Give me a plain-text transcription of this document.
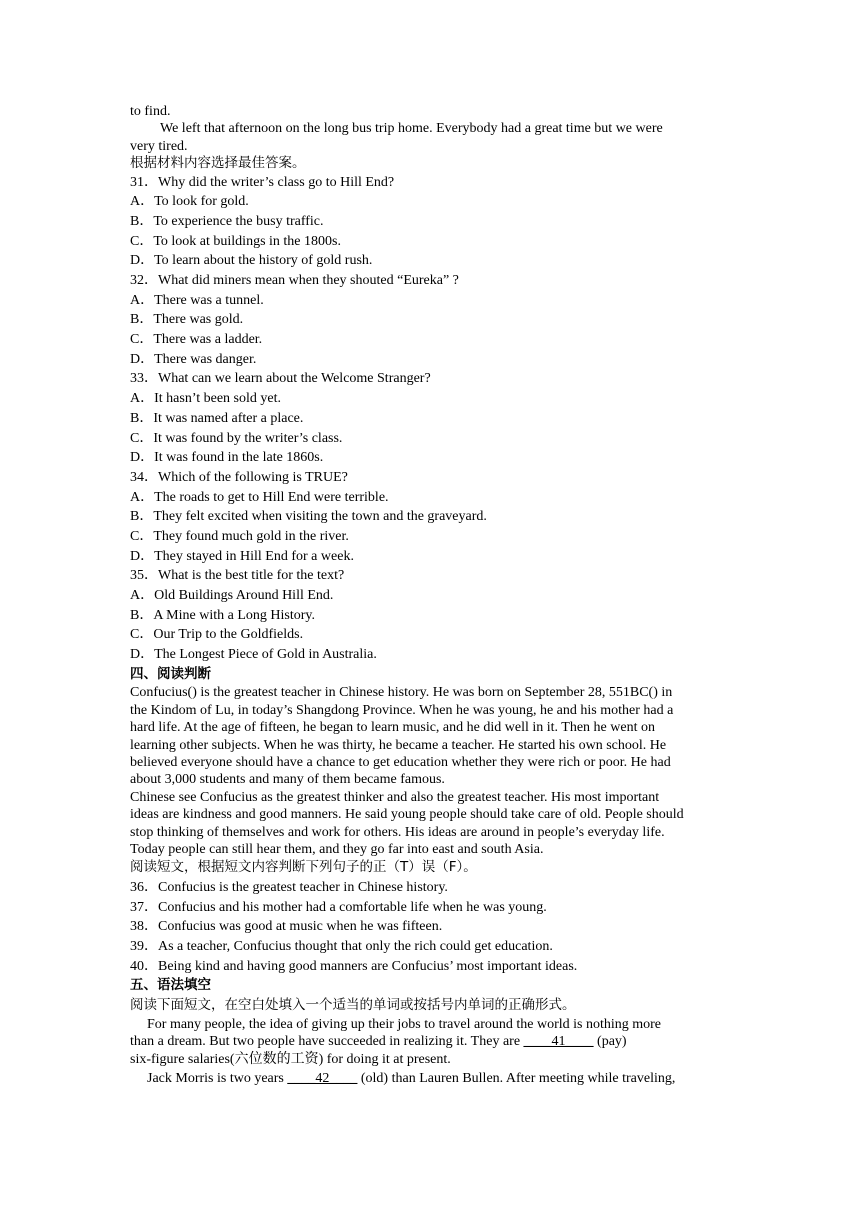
to find.
We left that afternoon on the long bus trip home. Everybody had a great time but we were
very tired.
根据材料内容选择最佳答案。
31．Why did the writer’s class go to Hill End?
A．To look for gold.
B．To experience the busy traffic.
C．To look at buildings in the 1800s.
D．To learn about the history of gold rush.
32．What did miners mean when they shouted “Eureka” ?
A．There was a tunnel.
B．There was gold.
C．There was a ladder.
D．There was danger.
33．What can we learn about the Welcome Stranger?
A．It hasn’t been sold yet.
B．It was named after a place.
C．It was found by the writer’s class.
D．It was found in the late 1860s.
34．Which of the following is TRUE?
A．The roads to get to Hill End were terrible.
B．They felt excited when visiting the town and the graveyard.
C．They found much gold in the river.
D．They stayed in Hill End for a week.
35．What is the best title for the text?
A．Old Buildings Around Hill End.
B．A Mine with a Long History.
C．Our Trip to the Goldfields.
D．The Longest Piece of Gold in Australia.
四、阅读判断
Confucius() is the greatest teacher in Chinese history. He was born on September 28, 551BC() in
the Kindom of Lu, in today’s Shangdong Province. When he was young, he and his mother had a
hard life. At the age of fifteen, he began to learn music, and he did well in it. Then he went on
learning other subjects. When he was thirty, he became a teacher. He started his own school. He
believed everyone should have a chance to get education whether they were rich or poor. He had
about 3,000 students and many of them became famous.
Chinese see Confucius as the greatest thinker and also the greatest teacher. His most important
ideas are kindness and good manners. He said young people should take care of old. People should
stop thinking of themselves and work for others. His ideas are around in people’s everyday life.
Today people can still hear them, and they go far into east and south Asia.
阅读短文，根据短文内容判断下列句子的正（T）误（F）。
36．Confucius is the greatest teacher in Chinese history.
37．Confucius and his mother had a comfortable life when he was young.
38．Confucius was good at music when he was fifteen.
39．As a teacher, Confucius thought that only the rich could get education.
40．Being kind and having good manners are Confucius’ most important ideas.
五、语法填空
阅读下面短文，在空白处填入一个适当的单词或按括号内单词的正确形式。
For many people, the idea of giving up their jobs to travel around the world is nothing more
than a dream. But two people have succeeded in realizing it. They are ____41____ (pay)
six-figure salaries(六位数的工资) for doing it at present.
Jack Morris is two years ____42____ (old) than Lauren Bullen. After meeting while traveling,
